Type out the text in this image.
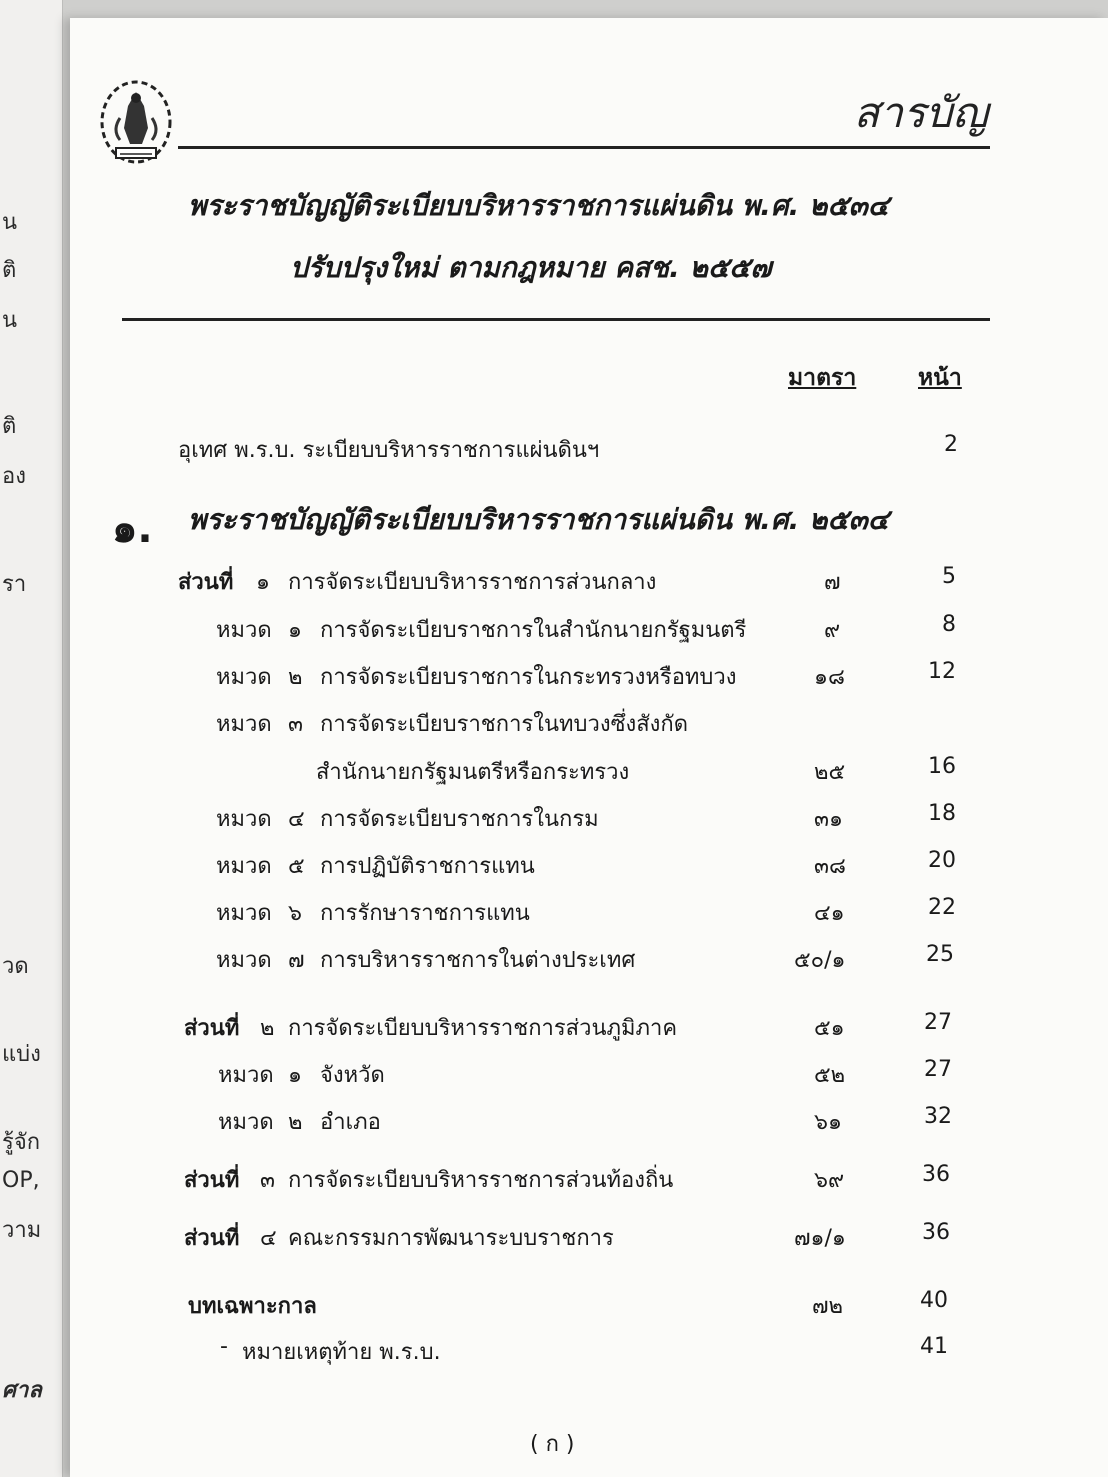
น
ติ
น
ติ
อง
รา
วด
แบ่ง
รู้จัก
OP,
วาม
ศาล
สารบัญ
พระราชบัญญัติระเบียบบริหารราชการแผ่นดิน พ.ศ. ๒๕๓๔
ปรับปรุงใหม่ ตามกฎหมาย คสช. ๒๕๕๗
มาตรา	หน้า
อุเทศ พ.ร.บ. ระเบียบบริหารราชการแผ่นดินฯ	2
๑. พระราชบัญญัติระเบียบบริหารราชการแผ่นดิน พ.ศ. ๒๕๓๔
ส่วนที่ ๑ การจัดระเบียบบริหารราชการส่วนกลาง	๗	5
หมวด ๑ การจัดระเบียบราชการในสำนักนายกรัฐมนตรี	๙	8
หมวด ๒ การจัดระเบียบราชการในกระทรวงหรือทบวง	๑๘	12
หมวด ๓ การจัดระเบียบราชการในทบวงซึ่งสังกัด
สำนักนายกรัฐมนตรีหรือกระทรวง	๒๕	16
หมวด ๔ การจัดระเบียบราชการในกรม	๓๑	18
หมวด ๕ การปฏิบัติราชการแทน	๓๘	20
หมวด ๖ การรักษาราชการแทน	๔๑	22
หมวด ๗ การบริหารราชการในต่างประเทศ	๕๐/๑	25
ส่วนที่ ๒ การจัดระเบียบบริหารราชการส่วนภูมิภาค	๕๑	27
หมวด ๑ จังหวัด	๕๒	27
หมวด ๒ อำเภอ	๖๑	32
ส่วนที่ ๓ การจัดระเบียบบริหารราชการส่วนท้องถิ่น	๖๙	36
ส่วนที่ ๔ คณะกรรมการพัฒนาระบบราชการ	๗๑/๑	36
บทเฉพาะกาล	๗๒	40
- หมายเหตุท้าย พ.ร.บ.	41
( ก )
